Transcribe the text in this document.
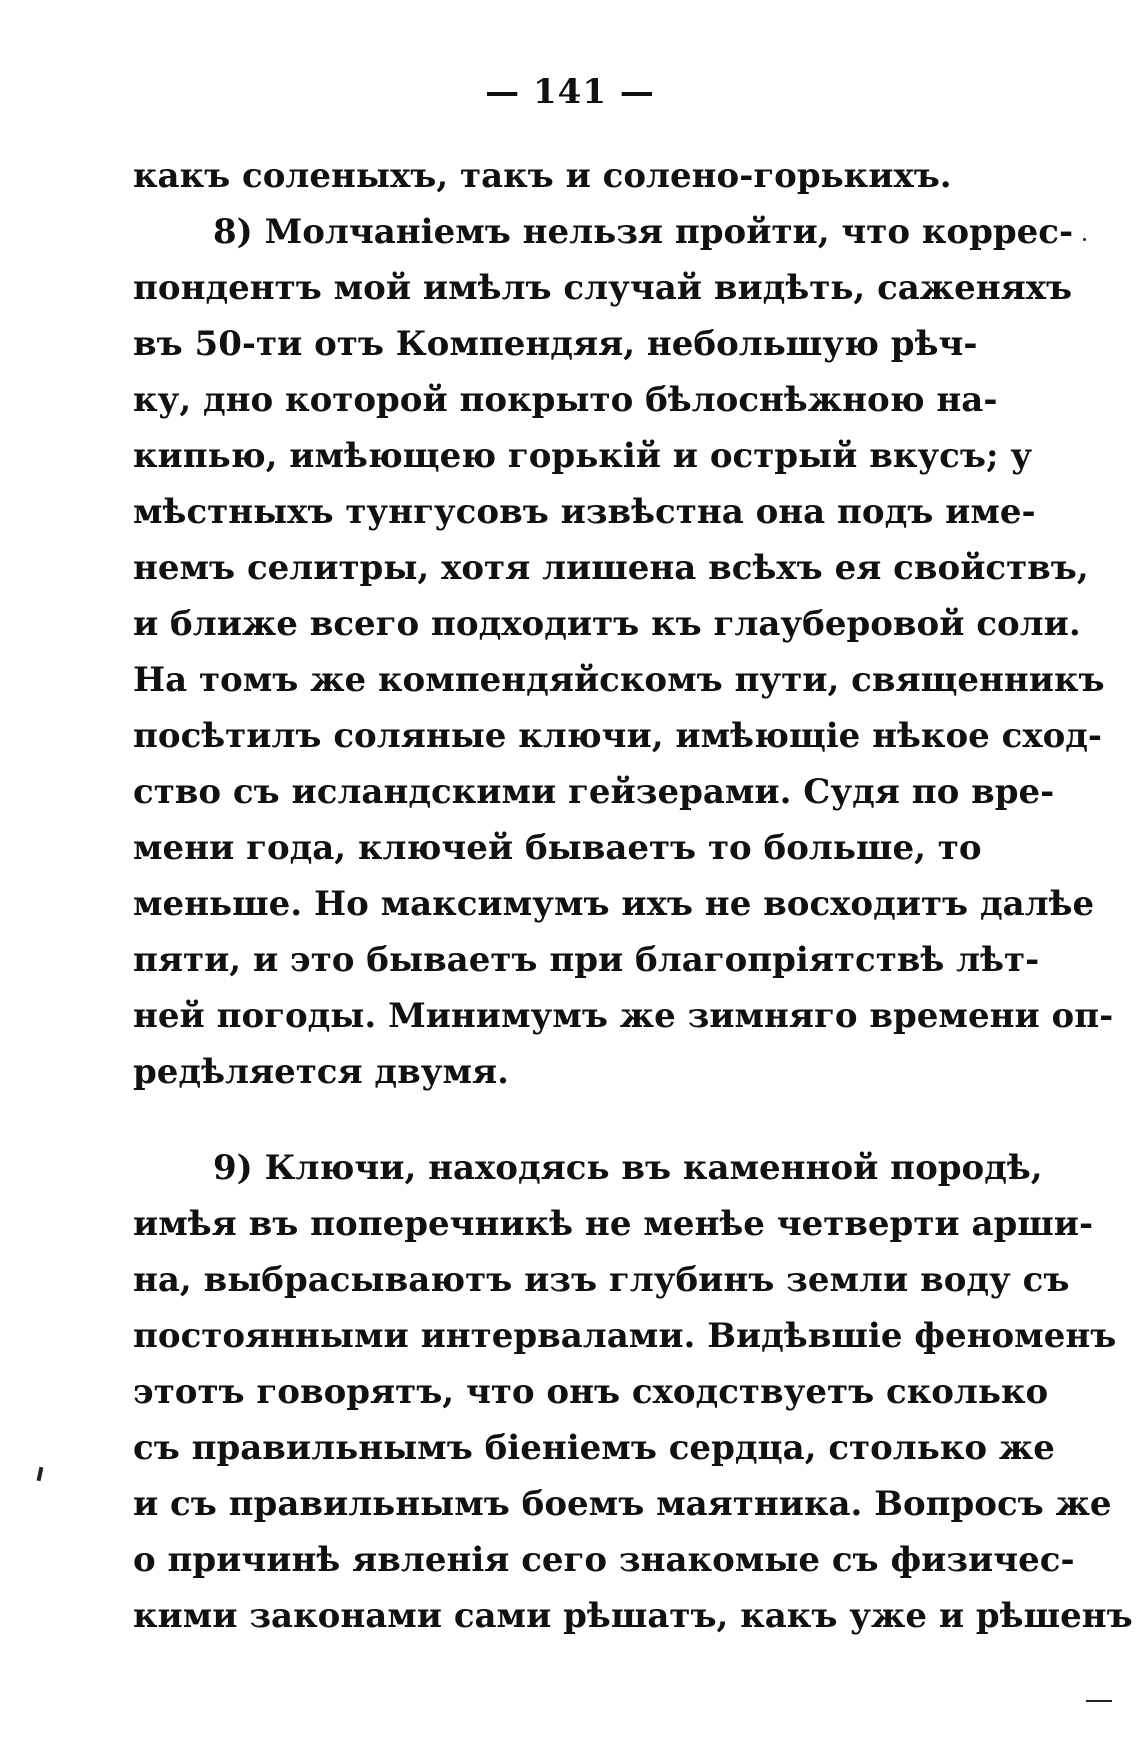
— 141 —
какъ соленыхъ, такъ и солено-горькихъ.
8) Молчаніемъ нельзя пройти, что коррес-
пондентъ мой имѣлъ случай видѣть, саженяхъ
въ 50-ти отъ Компендяя, небольшую рѣч-
ку, дно которой покрыто бѣлоснѣжною на-
кипью, имѣющею горькій и острый вкусъ; у
мѣстныхъ тунгусовъ извѣстна она подъ име-
немъ селитры, хотя лишена всѣхъ ея свойствъ,
и ближе всего подходитъ къ глауберовой соли.
На томъ же компендяйскомъ пути, священникъ
посѣтилъ соляные ключи, имѣющіе нѣкое сход-
ство съ исландскими гейзерами. Судя по вре-
мени года, ключей бываетъ то больше, то
меньше. Но максимумъ ихъ не восходитъ далѣе
пяти, и это бываетъ при благопріятствѣ лѣт-
ней погоды. Минимумъ же зимняго времени оп-
редѣляется двумя.
9) Ключи, находясь въ каменной породѣ,
имѣя въ поперечникѣ не менѣе четверти арши-
на, выбрасываютъ изъ глубинъ земли воду съ
постоянными интервалами. Видѣвшіе феноменъ
этотъ говорятъ, что онъ сходствуетъ сколько
съ правильнымъ біеніемъ сердца, столько же
и съ правильнымъ боемъ маятника. Вопросъ же
о причинѣ явленія сего знакомые съ физичес-
кими законами сами рѣшатъ, какъ уже и рѣшенъ
